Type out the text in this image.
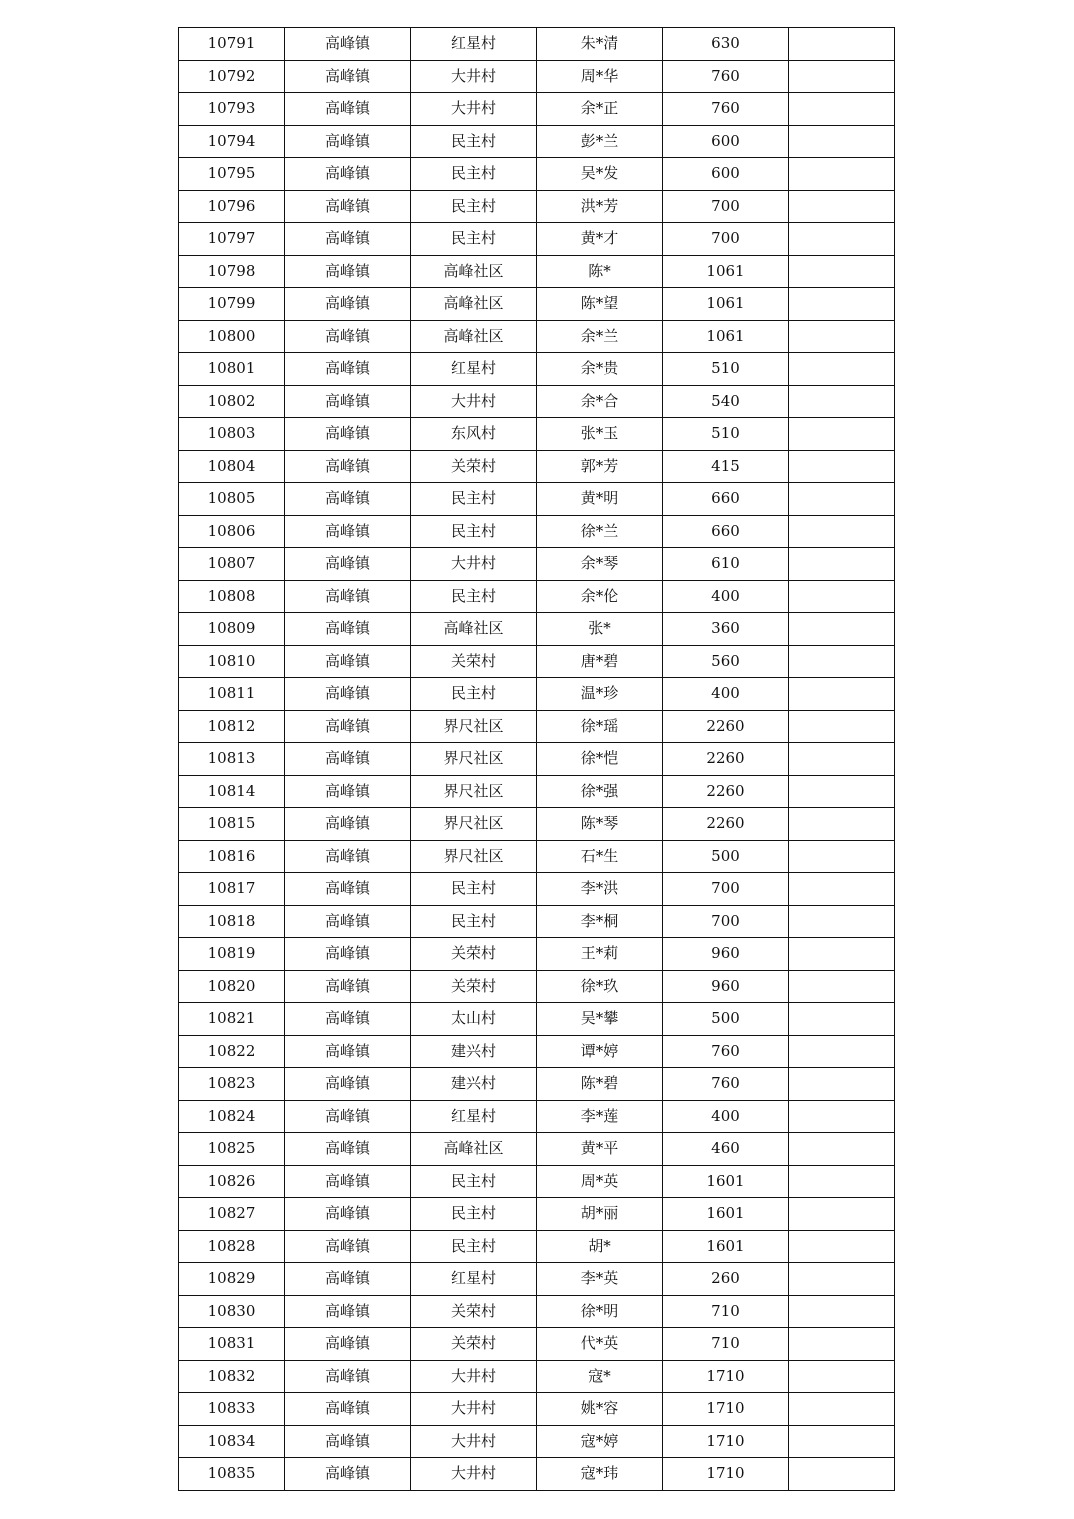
10791	高峰镇	红星村	朱*清	630	
10792	高峰镇	大井村	周*华	760	
10793	高峰镇	大井村	余*正	760	
10794	高峰镇	民主村	彭*兰	600	
10795	高峰镇	民主村	吴*发	600	
10796	高峰镇	民主村	洪*芳	700	
10797	高峰镇	民主村	黄*才	700	
10798	高峰镇	高峰社区	陈*	1061	
10799	高峰镇	高峰社区	陈*望	1061	
10800	高峰镇	高峰社区	余*兰	1061	
10801	高峰镇	红星村	余*贵	510	
10802	高峰镇	大井村	余*合	540	
10803	高峰镇	东风村	张*玉	510	
10804	高峰镇	关荣村	郭*芳	415	
10805	高峰镇	民主村	黄*明	660	
10806	高峰镇	民主村	徐*兰	660	
10807	高峰镇	大井村	余*琴	610	
10808	高峰镇	民主村	余*伦	400	
10809	高峰镇	高峰社区	张*	360	
10810	高峰镇	关荣村	唐*碧	560	
10811	高峰镇	民主村	温*珍	400	
10812	高峰镇	界尺社区	徐*瑶	2260	
10813	高峰镇	界尺社区	徐*恺	2260	
10814	高峰镇	界尺社区	徐*强	2260	
10815	高峰镇	界尺社区	陈*琴	2260	
10816	高峰镇	界尺社区	石*生	500	
10817	高峰镇	民主村	李*洪	700	
10818	高峰镇	民主村	李*桐	700	
10819	高峰镇	关荣村	王*莉	960	
10820	高峰镇	关荣村	徐*玖	960	
10821	高峰镇	太山村	吴*攀	500	
10822	高峰镇	建兴村	谭*婷	760	
10823	高峰镇	建兴村	陈*碧	760	
10824	高峰镇	红星村	李*莲	400	
10825	高峰镇	高峰社区	黄*平	460	
10826	高峰镇	民主村	周*英	1601	
10827	高峰镇	民主村	胡*丽	1601	
10828	高峰镇	民主村	胡*	1601	
10829	高峰镇	红星村	李*英	260	
10830	高峰镇	关荣村	徐*明	710	
10831	高峰镇	关荣村	代*英	710	
10832	高峰镇	大井村	寇*	1710	
10833	高峰镇	大井村	姚*容	1710	
10834	高峰镇	大井村	寇*婷	1710	
10835	高峰镇	大井村	寇*玮	1710	
